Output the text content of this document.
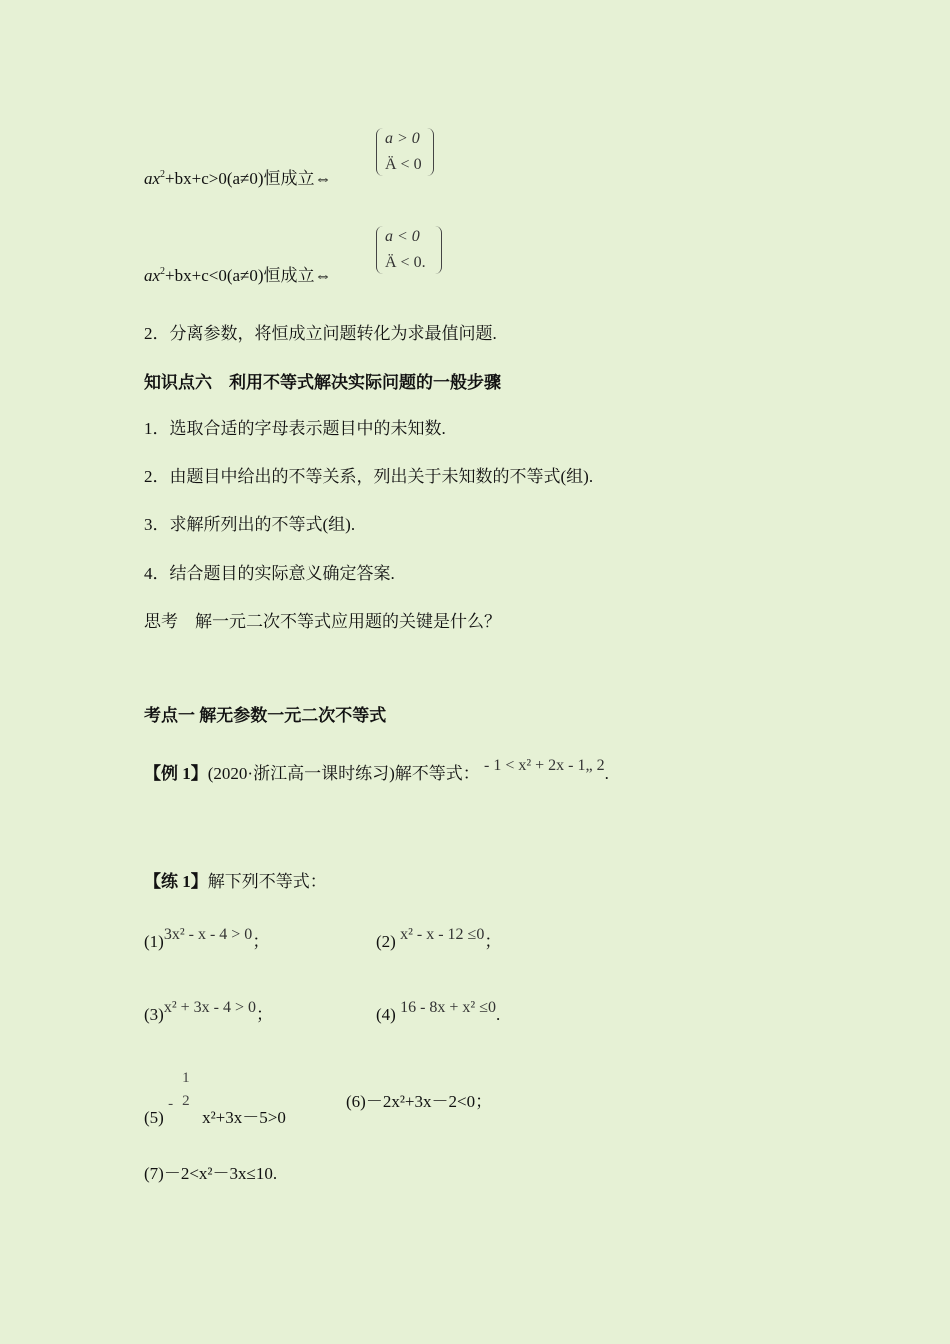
$ax^2+bx+c>0(a\ne 0)$恒成立⇔
a > 0
Ä < 0
$ax^2+bx+c<0(a\ne 0)$恒成立⇔
a < 0
Ä < 0.
2．分离参数，将恒成立问题转化为求最值问题.
知识点六　利用不等式解决实际问题的一般步骤
1．选取合适的字母表示题目中的未知数.
2．由题目中给出的不等关系，列出关于未知数的不等式(组).
3．求解所列出的不等式(组).
4．结合题目的实际意义确定答案.
思考　解一元二次不等式应用题的关键是什么？
考点一 解无参数一元二次不等式
【例 1】(2020·浙江高一课时练习)解不等式： - 1 < x² + 2x - 1„ 2.
【练 1】解下列不等式：
(1)3x² - x - 4 > 0；	(2) x² - x - 12 ≤0；
(3)x² + 3x - 4 > 0；	(4) 16 - 8x + x² ≤0.
(5)
-
1
2
x²+3x－5>0
(6)－2x²+3x－2<0；
(7)－2<x²－3x≤10.
